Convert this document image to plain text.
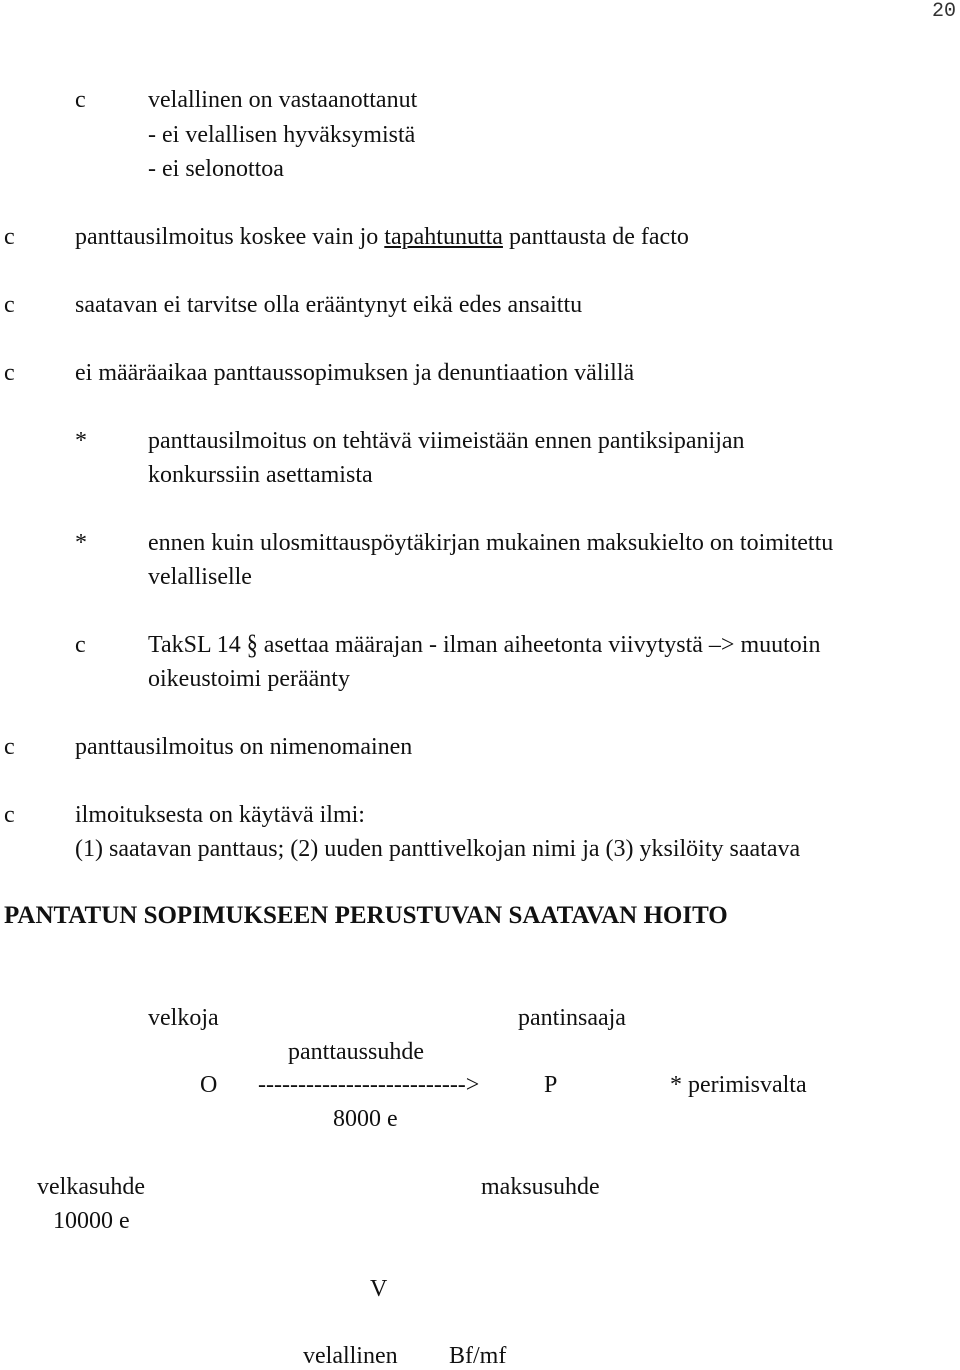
20
c	velallinen on vastaanottanut
- ei velallisen hyväksymistä
- ei selonottoa
c	panttausilmoitus koskee vain jo tapahtunutta panttausta de facto
c	saatavan ei tarvitse olla erääntynyt eikä edes ansaittu
c	ei määräaikaa panttaussopimuksen ja denuntiaation välillä
*	panttausilmoitus on tehtävä viimeistään ennen pantiksipanijan
konkurssiin asettamista
*	ennen kuin ulosmittauspöytäkirjan mukainen maksukielto on toimitettu
velalliselle
c	TakSL 14 § asettaa määrajan - ilman aiheetonta viivytystä –> muutoin
oikeustoimi peräänty
c	panttausilmoitus on nimenomainen
c	ilmoituksesta on käytävä ilmi:
(1) saatavan panttaus; (2) uuden panttivelkojan nimi ja (3) yksilöity saatava
PANTATUN SOPIMUKSEEN PERUSTUVAN SAATAVAN HOITO
velkoja	pantinsaaja
panttaussuhde
O -------------------------->	P	* perimisvalta
8000 e
velkasuhde	maksusuhde
10000 e
V
velallinen Bf/mf
